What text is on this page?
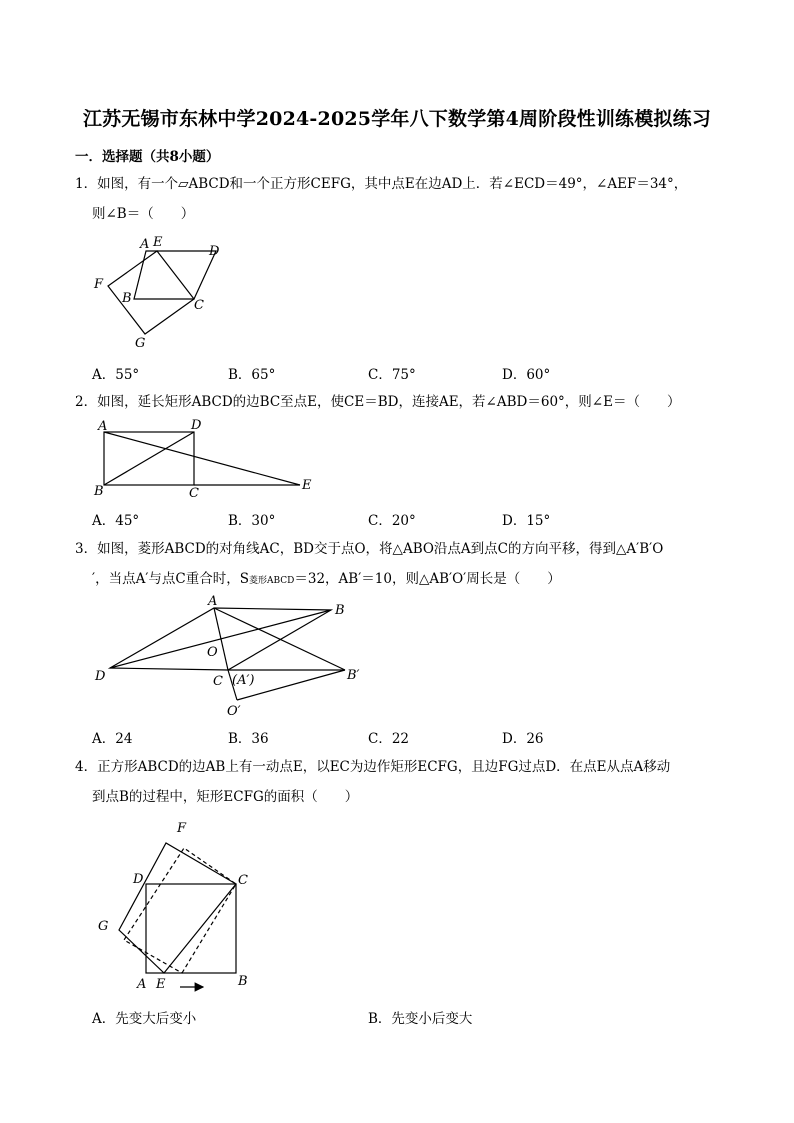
江苏无锡市东林中学2024-2025学年八下数学第4周阶段性训练模拟练习
一．选择题（共8小题）
1．如图，有一个▱ABCD和一个正方形CEFG，其中点E在边AD上．若∠ECD＝49°，∠AEF＝34°，
则∠B＝（　　）
A E
D
F
B	C
G
A．55°	B．65°	C．75°	D．60°
2．如图，延长矩形ABCD的边BC至点E，使CE＝BD，连接AE，若∠ABD＝60°，则∠E＝（　　）
A	D
B	C
E
A．45°	B．30°	C．20°	D．15°
3．如图，菱形ABCD的对角线AC，BD交于点O，将△ABO沿点A到点C的方向平移，得到△A′B′O
′，当点A′与点C重合时，S菱形ABCD＝32，AB′＝10，则△AB′O′周长是（　　）
A
B
O
D	C (A′)	B′
O′
A．24	B．36	C．22	D．26
4．正方形ABCD的边AB上有一动点E，以EC为边作矩形ECFG，且边FG过点D．在点E从点A移动
到点B的过程中，矩形ECFG的面积（　　）
F
D	C
G
A E	B
A．先变大后变小	B．先变小后变大
